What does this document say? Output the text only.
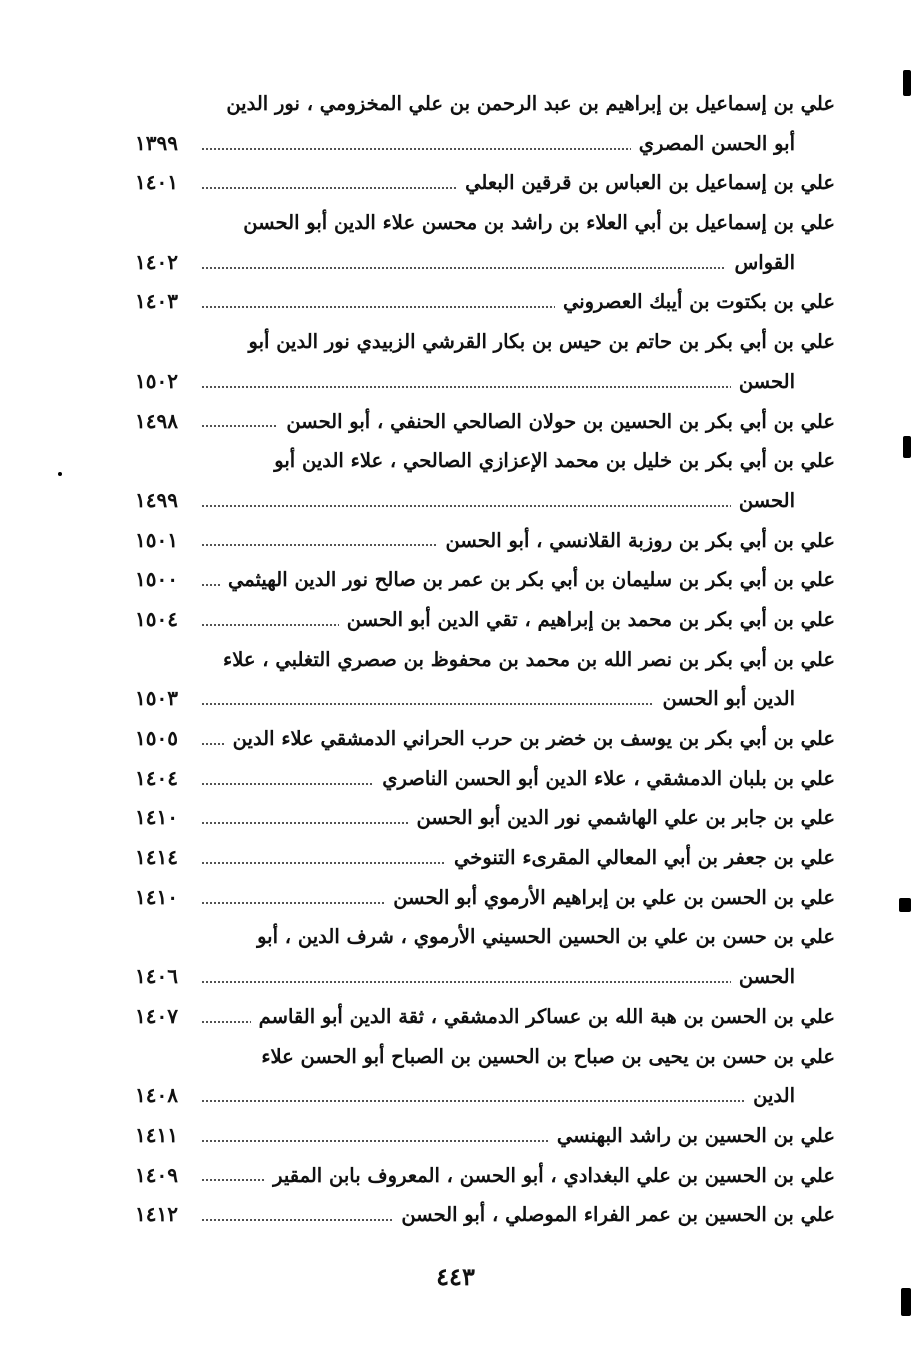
علي بن إسماعيل بن إبراهيم بن عبد الرحمن بن علي المخزومي ، نور الدين
أبو الحسن المصري
١٣٩٩
علي بن إسماعيل بن العباس بن قرقين البعلي
١٤٠١
علي بن إسماعيل بن أبي العلاء بن راشد بن محسن علاء الدين أبو الحسن
القواس
١٤٠٢
علي بن بكتوت بن أيبك العصروني
١٤٠٣
علي بن أبي بكر بن حاتم بن حيس بن بكار القرشي الزبيدي نور الدين أبو
الحسن
١٥٠٢
علي بن أبي بكر بن الحسين بن حولان الصالحي الحنفي ، أبو الحسن
١٤٩٨
علي بن أبي بكر بن خليل بن محمد الإعزازي الصالحي ، علاء الدين أبو
الحسن
١٤٩٩
علي بن أبي بكر بن روزبة القلانسي ، أبو الحسن
١٥٠١
علي بن أبي بكر بن سليمان بن أبي بكر بن عمر بن صالح نور الدين الهيثمي
١٥٠٠
علي بن أبي بكر بن محمد بن إبراهيم ، تقي الدين أبو الحسن
١٥٠٤
علي بن أبي بكر بن نصر الله بن محمد بن محفوظ بن صصري التغلبي ، علاء
الدين أبو الحسن
١٥٠٣
علي بن أبي بكر بن يوسف بن خضر بن حرب الحراني الدمشقي علاء الدين
١٥٠٥
علي بن بلبان الدمشقي ، علاء الدين أبو الحسن الناصري
١٤٠٤
علي بن جابر بن علي الهاشمي نور الدين أبو الحسن
١٤١٠
علي بن جعفر بن أبي المعالي المقرىء التنوخي
١٤١٤
علي بن الحسن بن علي بن إبراهيم الأرموي أبو الحسن
١٤١٠
علي بن حسن بن علي بن الحسين الحسيني الأرموي ، شرف الدين ، أبو
الحسن
١٤٠٦
علي بن الحسن بن هبة الله بن عساكر الدمشقي ، ثقة الدين أبو القاسم
١٤٠٧
علي بن حسن بن يحيى بن صباح بن الحسين بن الصباح أبو الحسن علاء
الدين
١٤٠٨
علي بن الحسين بن راشد البهنسي
١٤١١
علي بن الحسين بن علي البغدادي ، أبو الحسن ، المعروف بابن المقير
١٤٠٩
علي بن الحسين بن عمر الفراء الموصلي ، أبو الحسن
١٤١٢
٤٤٣
